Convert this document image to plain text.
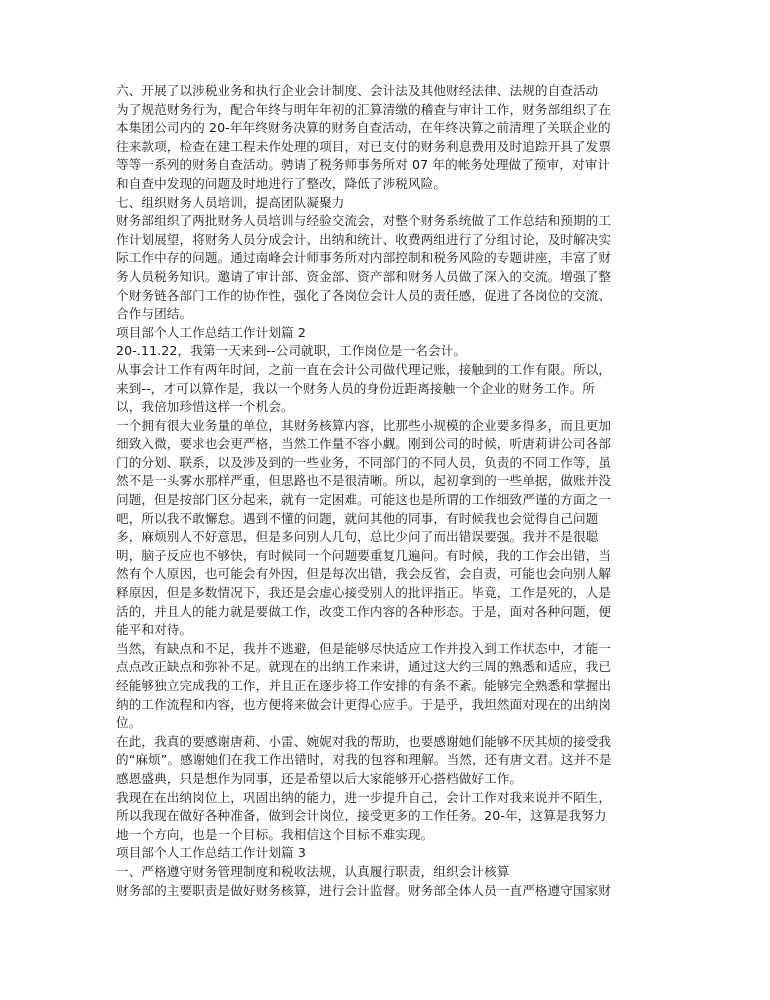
六、开展了以涉税业务和执行企业会计制度、会计法及其他财经法律、法规的自查活动
为了规范财务行为，配合年终与明年年初的汇算清缴的稽查与审计工作，财务部组织了在
本集团公司内的 20-年年终财务决算的财务自查活动，在年终决算之前清理了关联企业的
往来款项，检查在建工程未作处理的项目，对已支付的财务利息费用及时追踪开具了发票
等等一系列的财务自查活动。骋请了税务师事务所对 07 年的帐务处理做了预审，对审计
和自查中发现的问题及时地进行了整改，降低了涉税风险。
七、组织财务人员培训，提高团队凝聚力
财务部组织了两批财务人员培训与经验交流会，对整个财务系统做了工作总结和预期的工
作计划展望，将财务人员分成会计、出纳和统计、收费两组进行了分组讨论，及时解决实
际工作中存的问题。通过南峰会计师事务所对内部控制和税务风险的专题讲座，丰富了财
务人员税务知识。邀请了审计部、资金部、资产部和财务人员做了深入的交流。增强了整
个财务链各部门工作的协作性，强化了各岗位会计人员的责任感，促进了各岗位的交流、
合作与团结。
项目部个人工作总结工作计划篇 2
20-.11.22，我第一天来到--公司就职，工作岗位是一名会计。
从事会计工作有两年时间，之前一直在会计公司做代理记账，接触到的工作有限。所以，
来到--，才可以算作是，我以一个财务人员的身份近距离接触一个企业的财务工作。所
以，我倍加珍惜这样一个机会。
一个拥有很大业务量的单位，其财务核算内容，比那些小规模的企业要多得多，而且更加
细致入微，要求也会更严格，当然工作量不容小觑。刚到公司的时候，听唐莉讲公司各部
门的分划、联系，以及涉及到的一些业务，不同部门的不同人员，负责的不同工作等，虽
然不是一头雾水那样严重，但思路也不是很清晰。所以，起初拿到的一些单据，做账并没
问题，但是按部门区分起来，就有一定困难。可能这也是所谓的工作细致严谨的方面之一
吧，所以我不敢懈怠。遇到不懂的问题，就问其他的同事，有时候我也会觉得自己问题
多，麻烦别人不好意思，但是多问别人几句，总比少问了而出错误要强。我并不是很聪
明，脑子反应也不够快，有时候同一个问题要重复几遍问。有时候，我的工作会出错，当
然有个人原因，也可能会有外因，但是每次出错，我会反省，会自责，可能也会向别人解
释原因，但是多数情况下，我还是会虚心接受别人的批评指正。毕竟，工作是死的，人是
活的，并且人的能力就是要做工作，改变工作内容的各种形态。于是，面对各种问题，便
能平和对待。
当然，有缺点和不足，我并不逃避，但是能够尽快适应工作并投入到工作状态中，才能一
点点改正缺点和弥补不足。就现在的出纳工作来讲，通过这大约三周的熟悉和适应，我已
经能够独立完成我的工作，并且正在逐步将工作安排的有条不紊。能够完全熟悉和掌握出
纳的工作流程和内容，也方便将来做会计更得心应手。于是乎，我坦然面对现在的出纳岗
位。
在此，我真的要感谢唐莉、小雷、婉妮对我的帮助，也要感谢她们能够不厌其烦的接受我
的“麻烦”。感谢她们在我工作出错时，对我的包容和理解。当然，还有唐文君。这并不是
感恩盛典，只是想作为同事，还是希望以后大家能够开心搭档做好工作。
我现在在出纳岗位上，巩固出纳的能力，进一步提升自己，会计工作对我来说并不陌生，
所以我现在做好各种准备，做到会计岗位，接受更多的工作任务。20-年，这算是我努力
地一个方向，也是一个目标。我相信这个目标不难实现。
项目部个人工作总结工作计划篇 3
一、严格遵守财务管理制度和税收法规，认真履行职责，组织会计核算
财务部的主要职责是做好财务核算，进行会计监督。财务部全体人员一直严格遵守国家财
